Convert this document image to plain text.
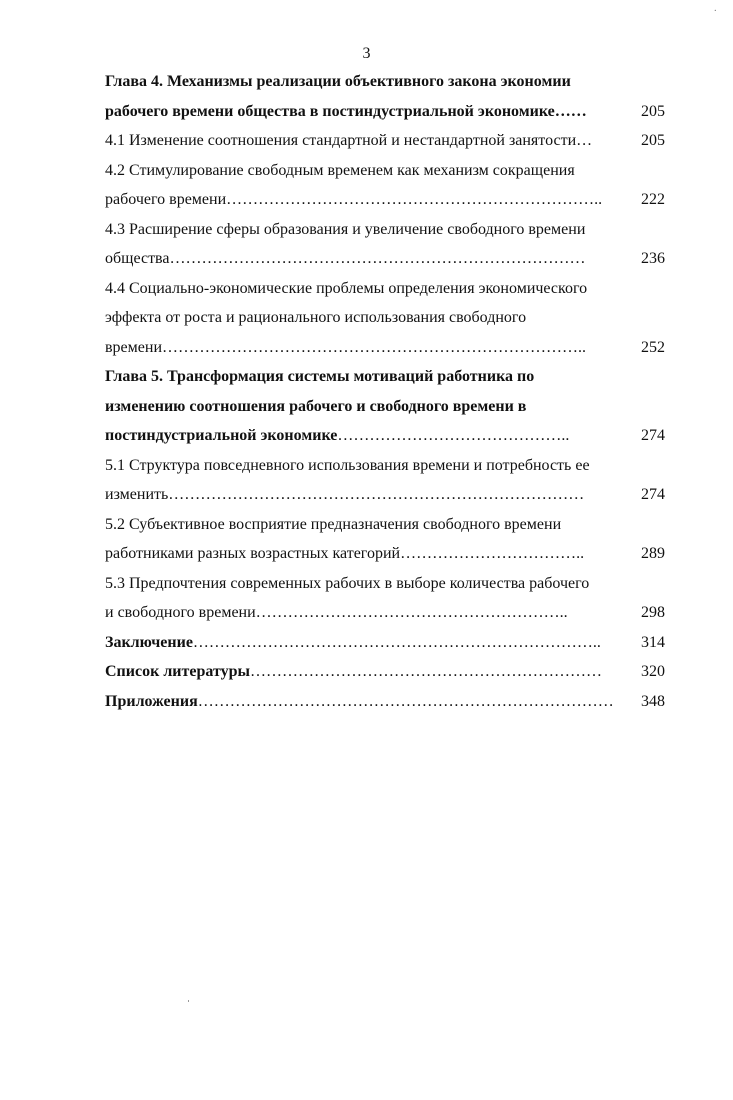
·
3
Глава 4. Механизмы реализации объективного закона экономии
рабочего времени общества в постиндустриальной экономике……	205
4.1 Изменение соотношения стандартной и нестандартной занятости…	205
4.2 Стимулирование свободным временем как механизм сокращения
рабочего времени…………………………………………………………….. 222
4.3 Расширение сферы образования и увеличение свободного времени
общества……………………………………………………………………	236
4.4 Социально-экономические проблемы определения экономического
эффекта от роста и рационального использования свободного
времени……………………………………………………………………..	252
Глава 5. Трансформация системы мотиваций работника по
изменению соотношения рабочего и свободного времени в
постиндустриальной экономике……………………………………..	274
5.1 Структура повседневного использования времени и потребность ее
изменить……………………………………………………………………	274
5.2 Субъективное восприятие предназначения свободного времени
работниками разных возрастных категорий……………………………..	289
5.3 Предпочтения современных рабочих в выборе количества рабочего
и свободного времени…………………………………………………..	298
Заключение…………………………………………………………………..	314
Список литературы………………………………………………………… 320
Приложения…………………………………………………………………… 348
